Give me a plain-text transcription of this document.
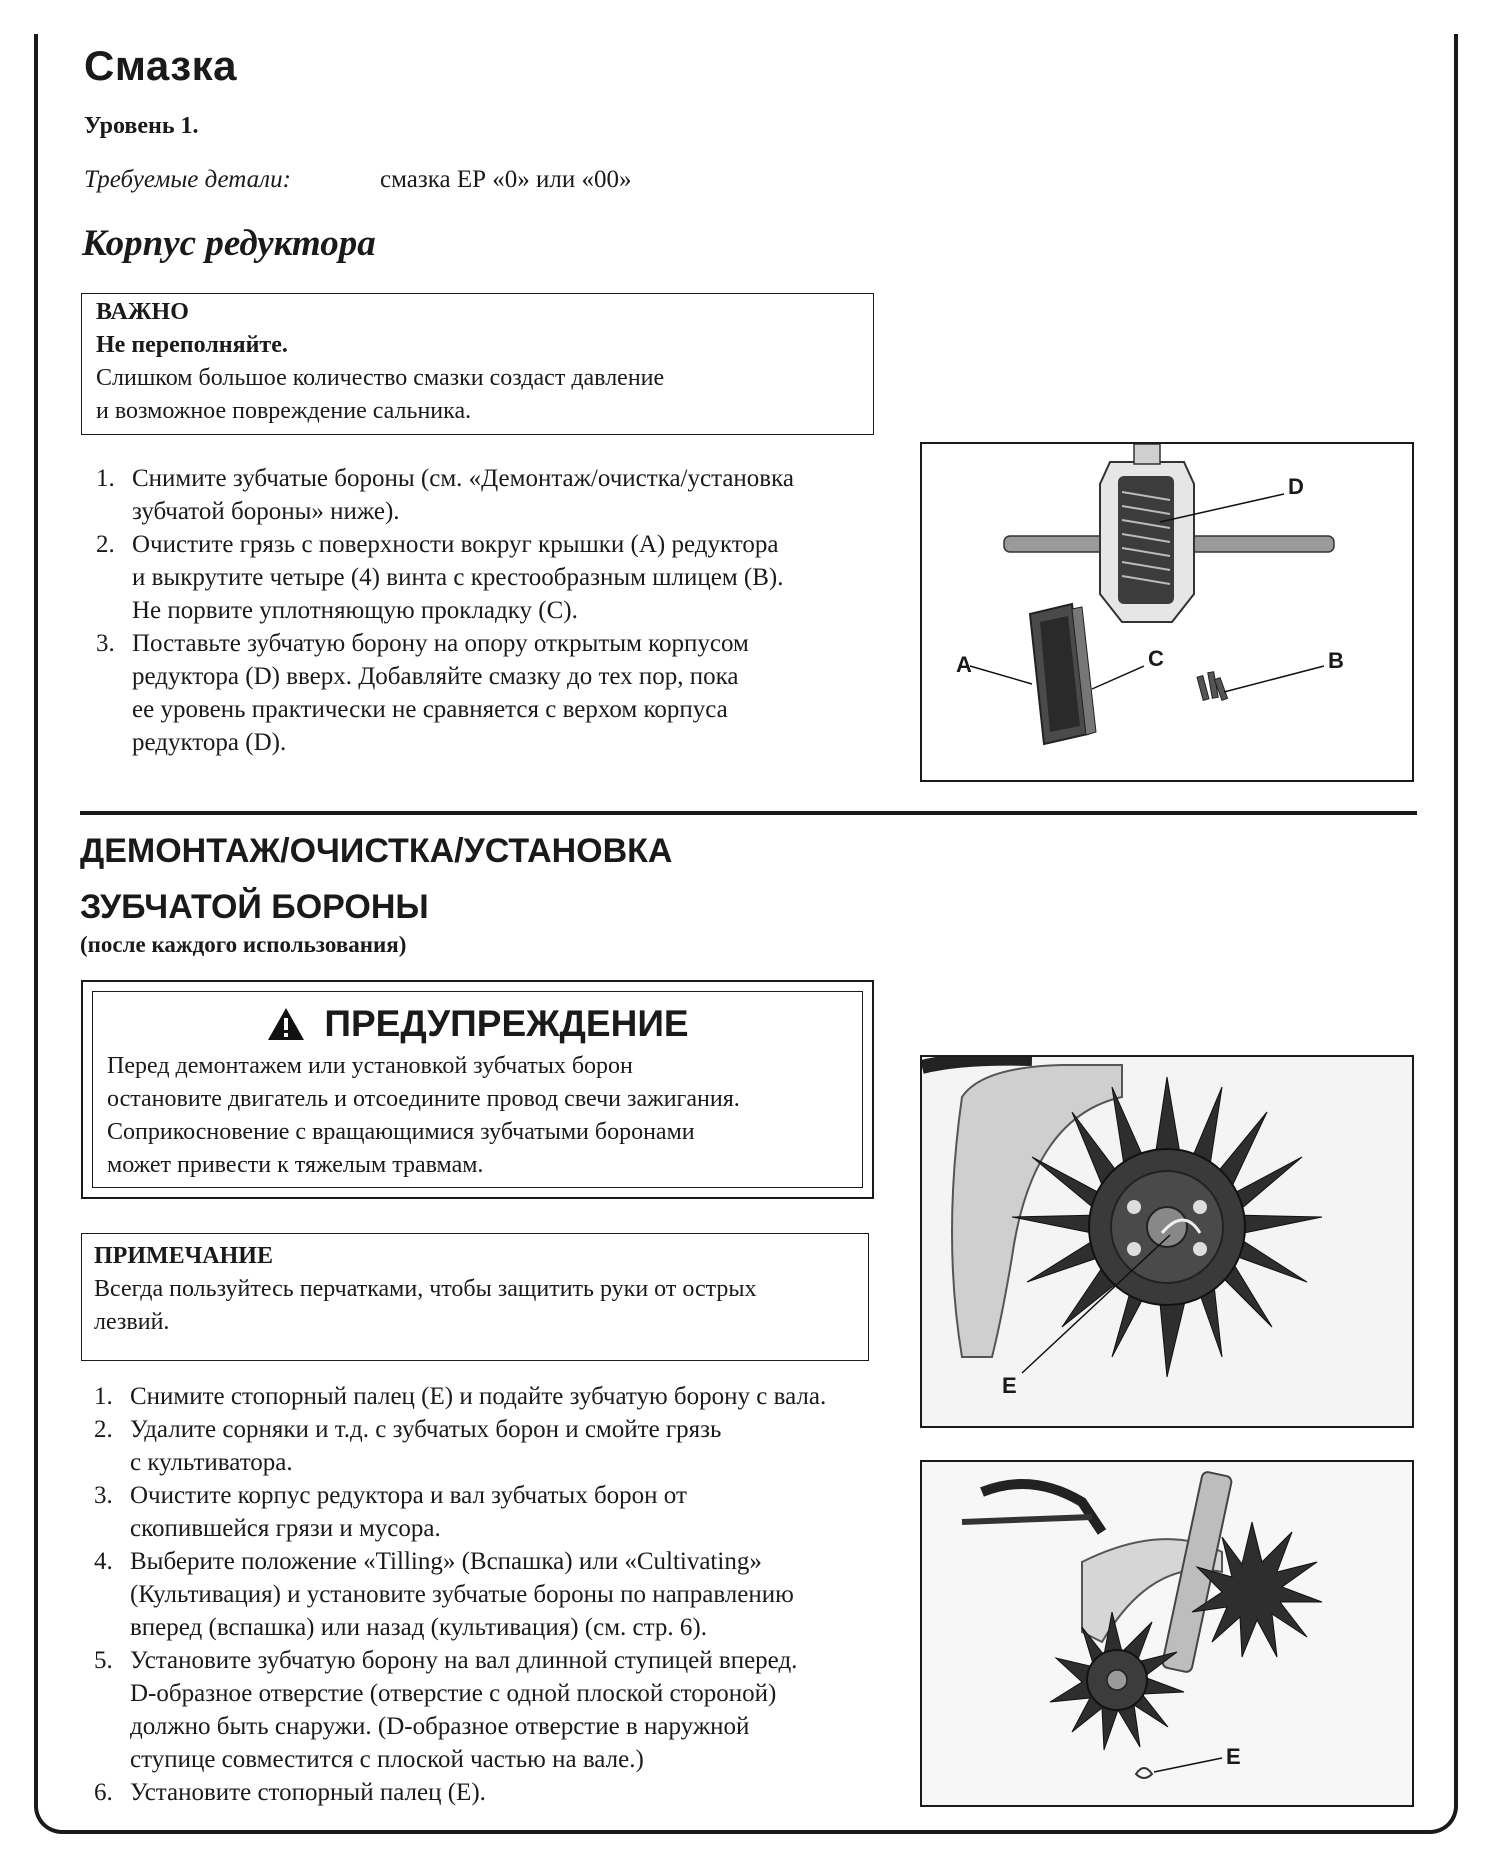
Смазка
Уровень 1.
Требуемые детали:	смазка ЕР «0» или «00»
Корпус редуктора
ВАЖНО
Не переполняйте.
Слишком большое количество смазки создаст давление
и возможное повреждение сальника.
1. Снимите зубчатые бороны (см. «Демонтаж/очистка/установка
зубчатой бороны» ниже).
2. Очистите грязь с поверхности вокруг крышки (А) редуктора
и выкрутите четыре (4) винта с крестообразным шлицем (В).
Не порвите уплотняющую прокладку (С).
3. Поставьте зубчатую борону на опору открытым корпусом
редуктора (D) вверх. Добавляйте смазку до тех пор, пока
ее уровень практически не сравняется с верхом корпуса
редуктора (D).
D
A	C	B
ДЕМОНТАЖ/ОЧИСТКА/УСТАНОВКА
ЗУБЧАТОЙ БОРОНЫ
(после каждого использования)
ПРЕДУПРЕЖДЕНИЕ
Перед демонтажем или установкой зубчатых борон
остановите двигатель и отсоедините провод свечи зажигания.
Соприкосновение с вращающимися зубчатыми боронами
может привести к тяжелым травмам.
ПРИМЕЧАНИЕ
Всегда пользуйтесь перчатками, чтобы защитить руки от острых
лезвий.
1. Снимите стопорный палец (Е) и подайте зубчатую борону с вала.
2. Удалите сорняки и т.д. с зубчатых борон и смойте грязь
с культиватора.
3. Очистите корпус редуктора и вал зубчатых борон от
скопившейся грязи и мусора.
4. Выберите положение «Tilling» (Вспашка) или «Cultivating»
(Культивация) и установите зубчатые бороны по направлению
вперед (вспашка) или назад (культивация) (см. стр. 6).
5. Установите зубчатую борону на вал длинной ступицей вперед.
D-образное отверстие (отверстие с одной плоской стороной)
должно быть снаружи. (D-образное отверстие в наружной
ступице совместится с плоской частью на вале.)
6. Установите стопорный палец (Е).
E
E
